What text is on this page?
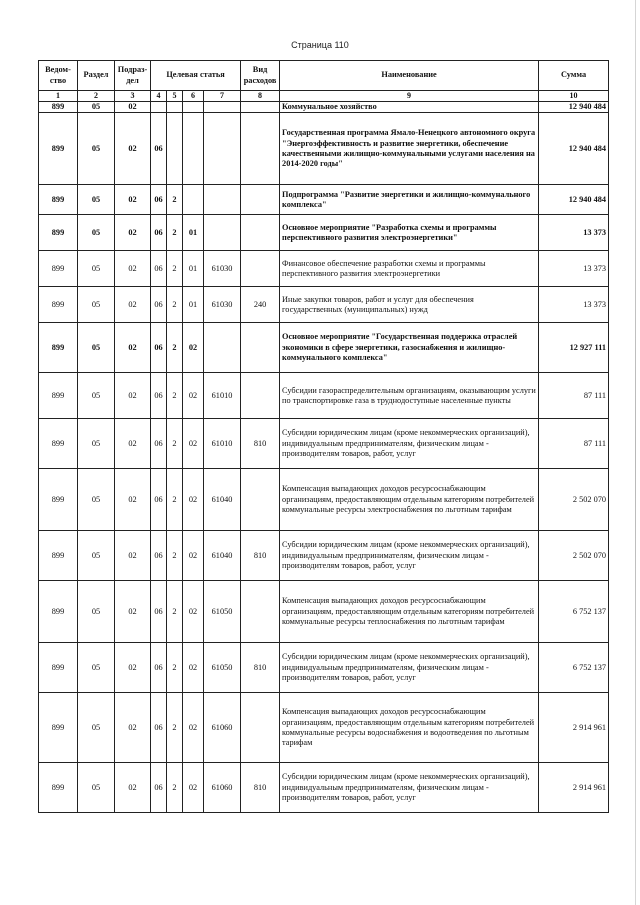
Страница 110
Ведом-ство	Раздел	Подраз-дел	Целевая статья				Вид расходов	Наименование	Сумма
1	2	3	4	5	6	7	8	9	10
899	05	02						Коммунальное хозяйство	12 940 484
899	05	02	06					Государственная программа Ямало-Ненецкого автономного округа "Энергоэффективность и развитие энергетики, обеспечение качественными жилищно-коммунальными услугами населения на 2014-2020 годы"	12 940 484
899	05	02	06	2				Подпрограмма "Развитие энергетики и жилищно-коммунального комплекса"	12 940 484
899	05	02	06	2	01			Основное мероприятие "Разработка схемы и программы перспективного развития электроэнергетики"	13 373
899	05	02	06	2	01	61030		Финансовое обеспечение разработки схемы и программы перспективного развития электроэнергетики	13 373
899	05	02	06	2	01	61030	240	Иные закупки товаров, работ и услуг для обеспечения государственных (муниципальных) нужд	13 373
899	05	02	06	2	02			Основное мероприятие "Государственная поддержка отраслей экономики в сфере энергетики, газоснабжения и жилищно-коммунального комплекса"	12 927 111
899	05	02	06	2	02	61010		Субсидии газораспределительным организациям, оказывающим услуги по транспортировке газа в труднодоступные населенные пункты	87 111
899	05	02	06	2	02	61010	810	Субсидии юридическим лицам (кроме некоммерческих организаций), индивидуальным предпринимателям, физическим лицам - производителям товаров, работ, услуг	87 111
899	05	02	06	2	02	61040		Компенсация выпадающих доходов ресурсоснабжающим организациям, предоставляющим отдельным категориям потребителей коммунальные ресурсы электроснабжения по льготным тарифам	2 502 070
899	05	02	06	2	02	61040	810	Субсидии юридическим лицам (кроме некоммерческих организаций), индивидуальным предпринимателям, физическим лицам - производителям товаров, работ, услуг	2 502 070
899	05	02	06	2	02	61050		Компенсация выпадающих доходов ресурсоснабжающим организациям, предоставляющим отдельным категориям потребителей коммунальные ресурсы теплоснабжения по льготным тарифам	6 752 137
899	05	02	06	2	02	61050	810	Субсидии юридическим лицам (кроме некоммерческих организаций), индивидуальным предпринимателям, физическим лицам - производителям товаров, работ, услуг	6 752 137
899	05	02	06	2	02	61060		Компенсация выпадающих доходов ресурсоснабжающим организациям, предоставляющим отдельным категориям потребителей коммунальные ресурсы водоснабжения и водоотведения по льготным тарифам	2 914 961
899	05	02	06	2	02	61060	810	Субсидии юридическим лицам (кроме некоммерческих организаций), индивидуальным предпринимателям, физическим лицам - производителям товаров, работ, услуг	2 914 961
